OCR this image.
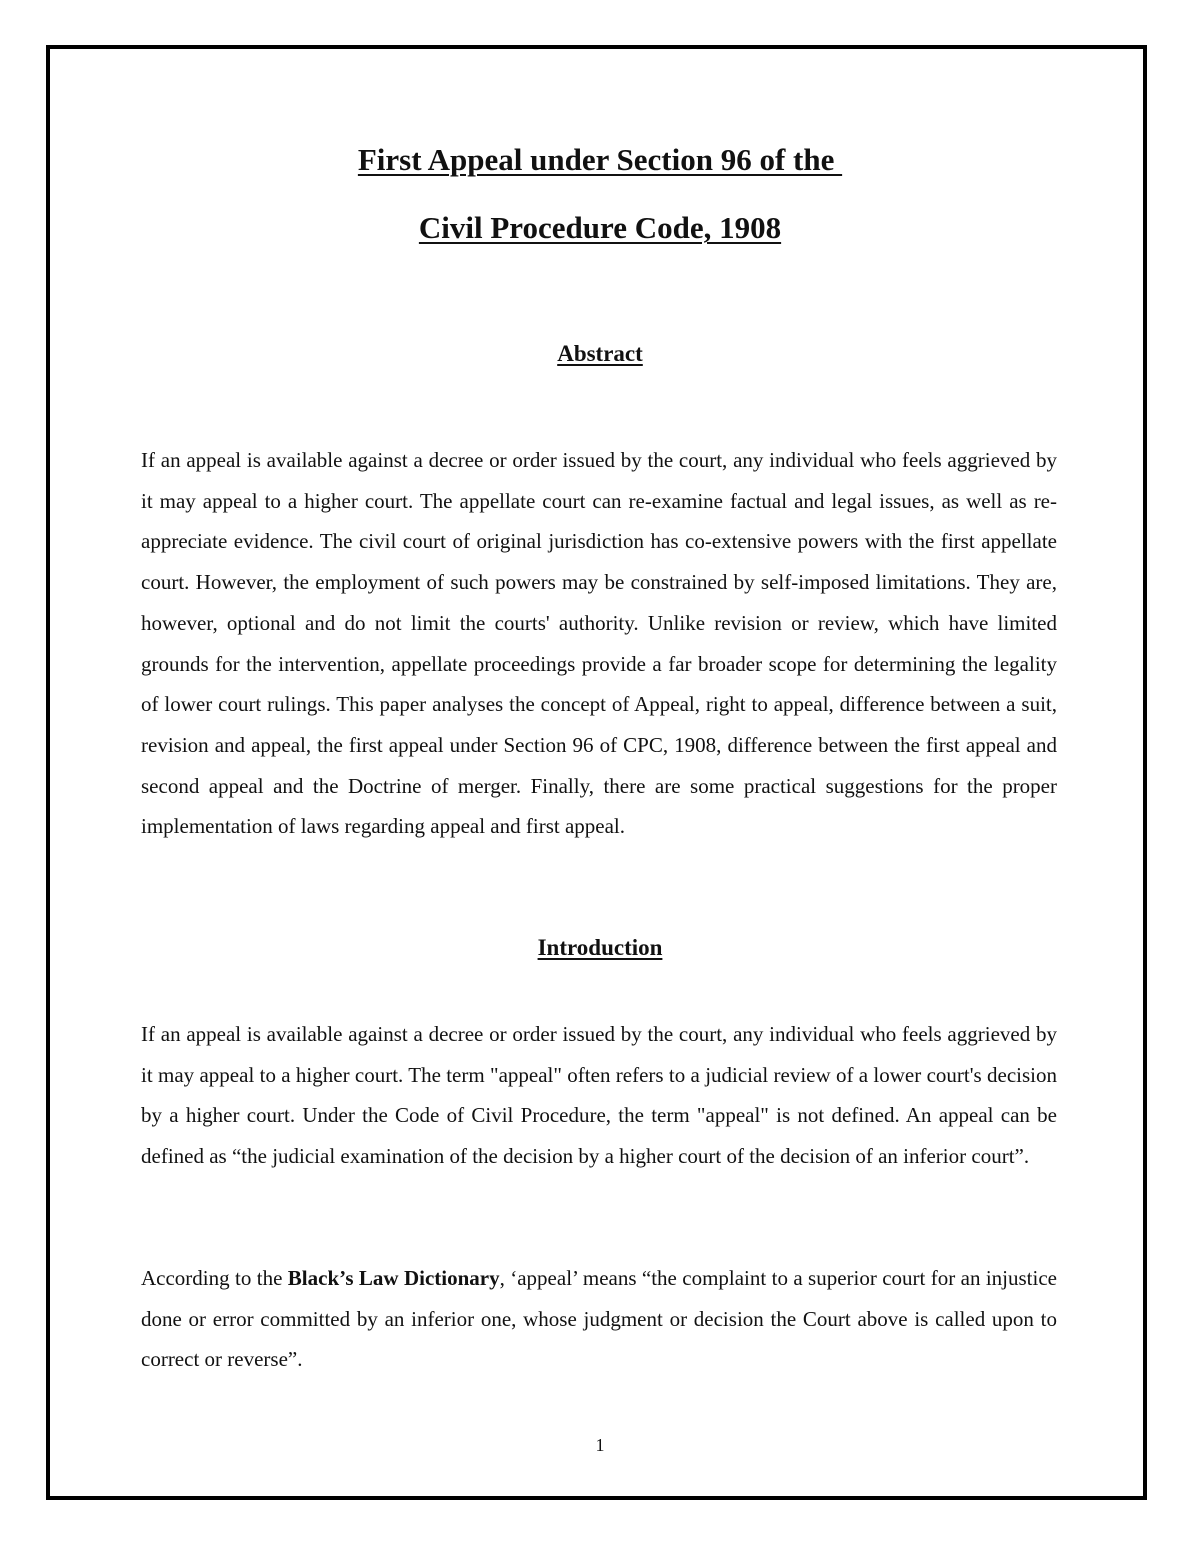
First Appeal under Section 96 of the
Civil Procedure Code, 1908
Abstract

If an appeal is available against a decree or order issued by the court, any individual who feels aggrieved by it may appeal to a higher court. The appellate court can re-examine factual and legal issues, as well as re-appreciate evidence. The civil court of original jurisdiction has co-extensive powers with the first appellate court. However, the employment of such powers may be constrained by self-imposed limitations. They are, however, optional and do not limit the courts' authority. Unlike revision or review, which have limited grounds for the intervention, appellate proceedings provide a far broader scope for determining the legality of lower court rulings. This paper analyses the concept of Appeal, right to appeal, difference between a suit, revision and appeal, the first appeal under Section 96 of CPC, 1908, difference between the first appeal and second appeal and the Doctrine of merger. Finally, there are some practical suggestions for the proper implementation of laws regarding appeal and first appeal.

Introduction

If an appeal is available against a decree or order issued by the court, any individual who feels aggrieved by it may appeal to a higher court. The term "appeal" often refers to a judicial review of a lower court's decision by a higher court. Under the Code of Civil Procedure, the term "appeal" is not defined. An appeal can be defined as “the judicial examination of the decision by a higher court of the decision of an inferior court”.

According to the Black’s Law Dictionary, ‘appeal’ means “the complaint to a superior court for an injustice done or error committed by an inferior one, whose judgment or decision the Court above is called upon to correct or reverse”.

1
